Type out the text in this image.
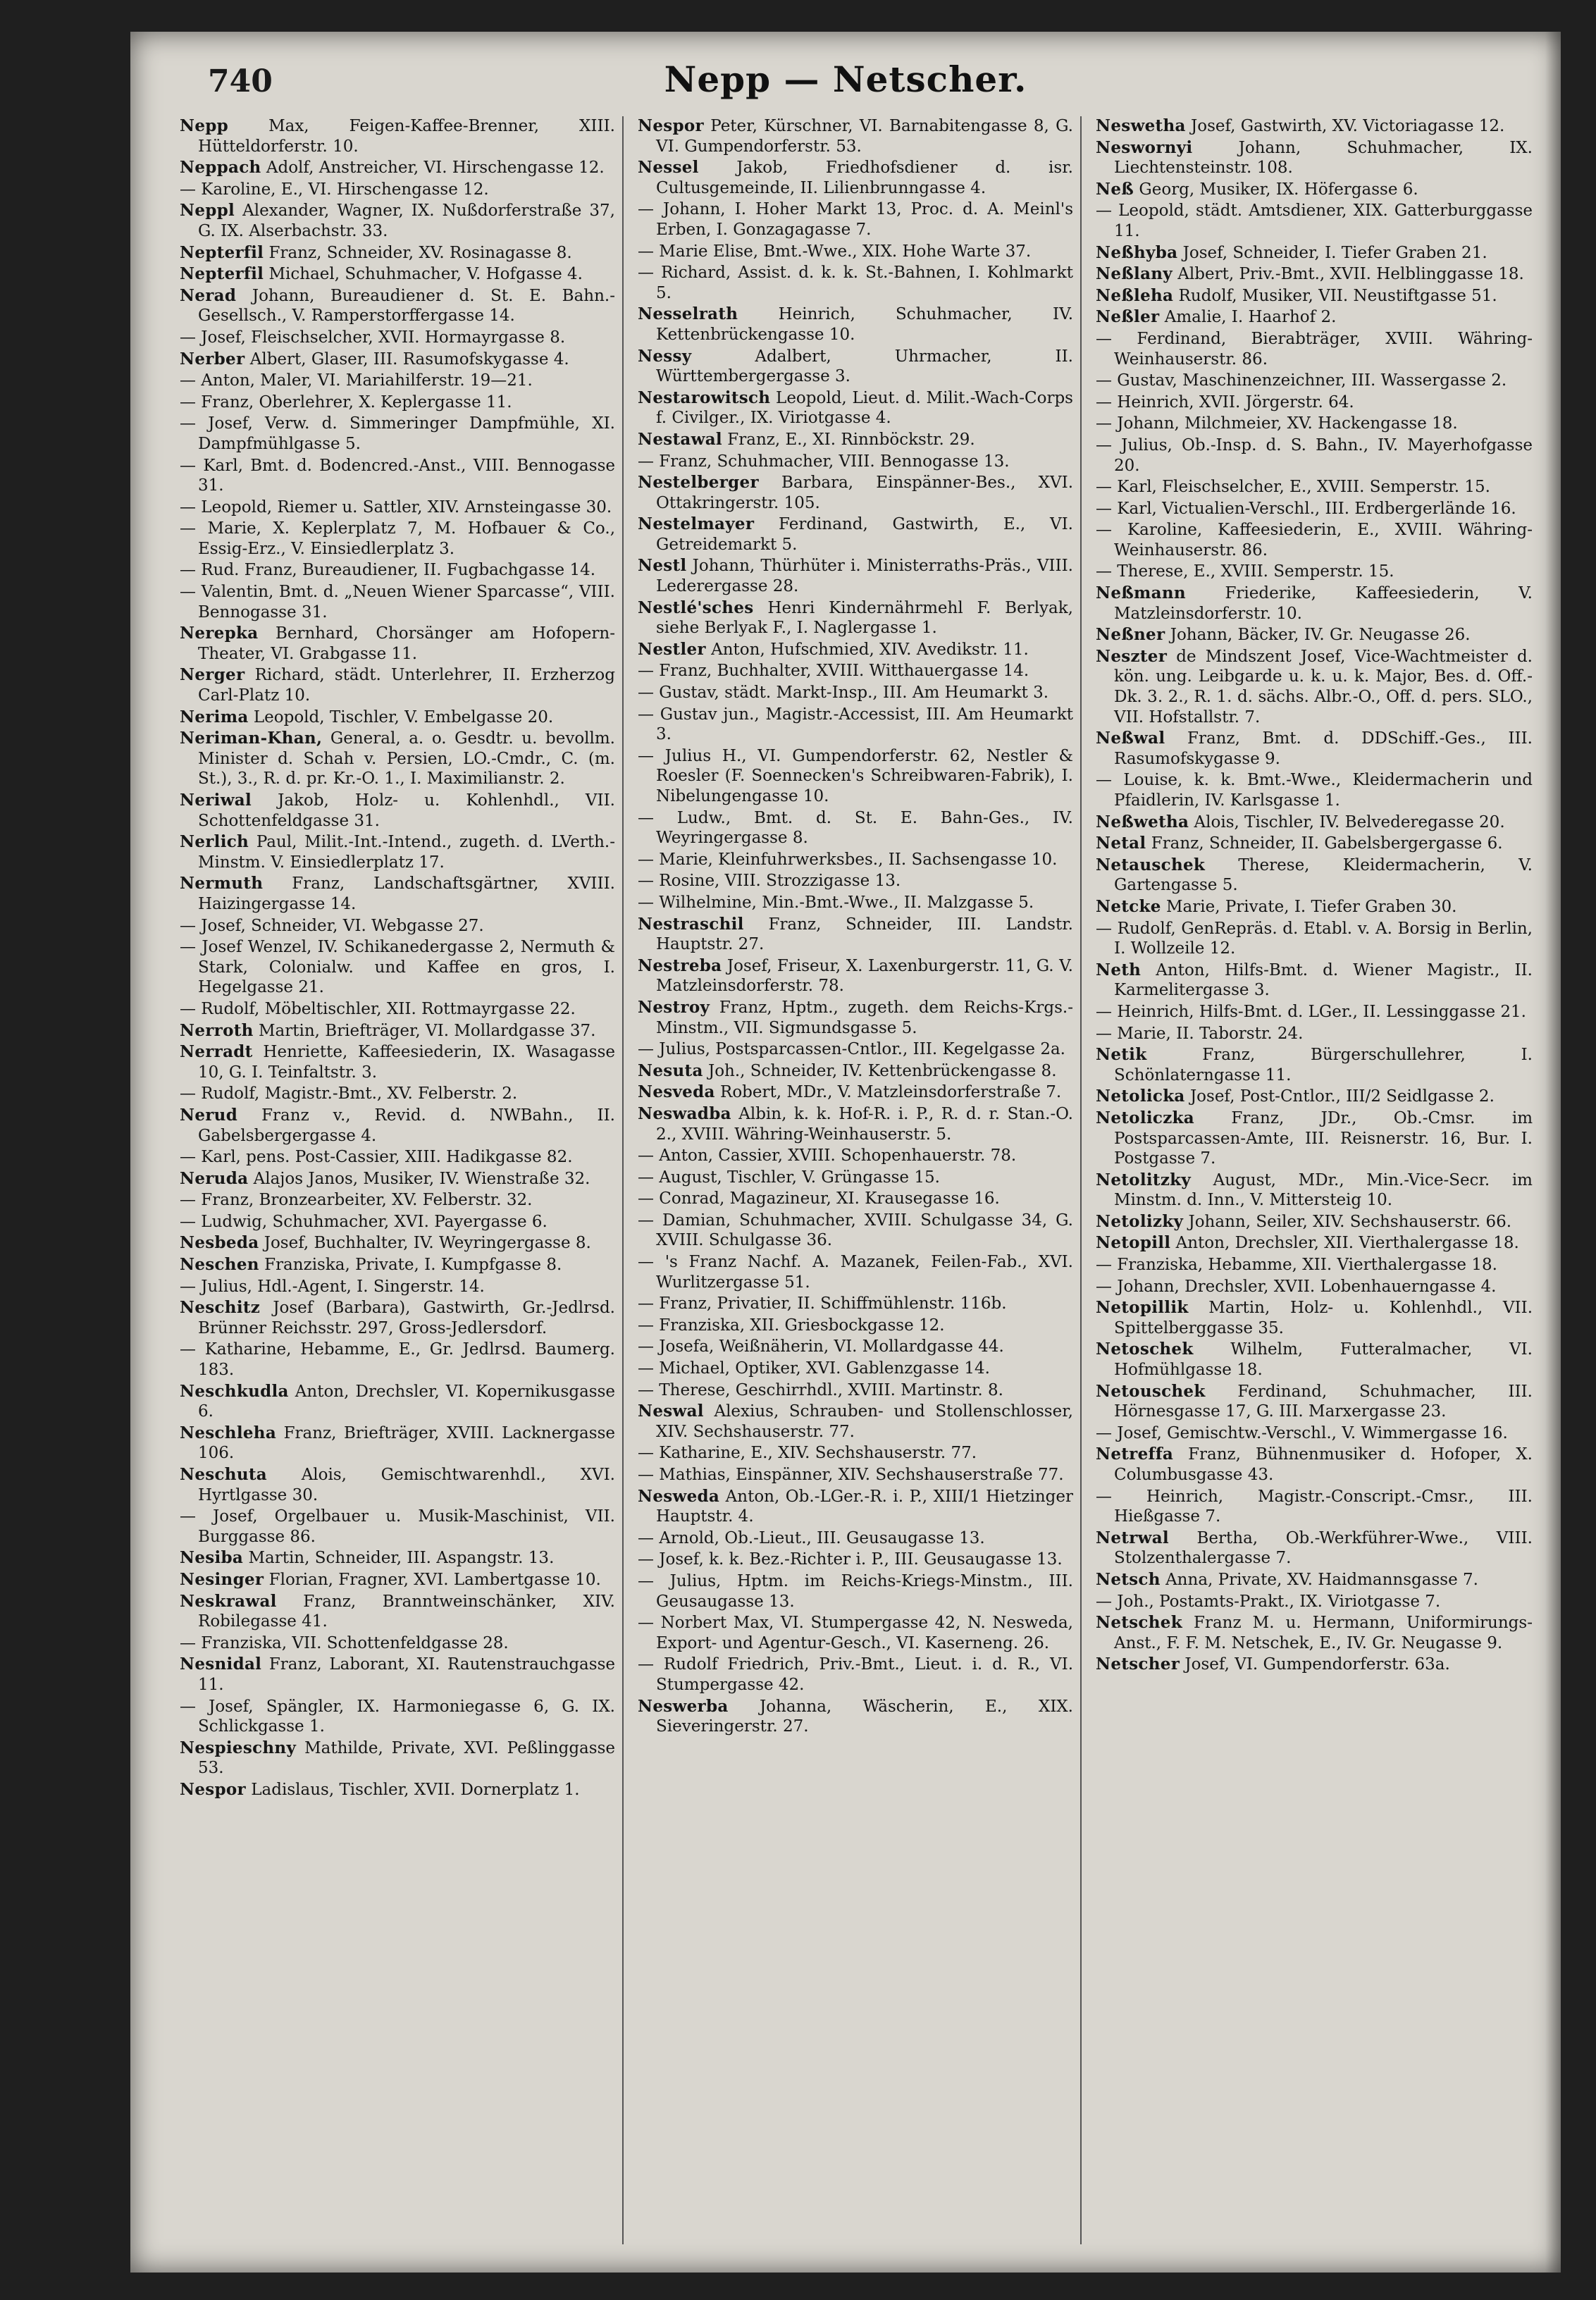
740	Nepp — Netscher.
Nepp Max, Feigen-Kaffee-Brenner, XIII. Hütteldorferstr. 10.
Neppach Adolf, Anstreicher, VI. Hirschengasse 12.
— Karoline, E., VI. Hirschengasse 12.
Neppl Alexander, Wagner, IX. Nußdorferstraße 37, G. IX. Alserbachstr. 33.
Nepterfil Franz, Schneider, XV. Rosinagasse 8.
Nepterfil Michael, Schuhmacher, V. Hofgasse 4.
Nerad Johann, Bureaudiener d. St. E. Bahn.-Gesellsch., V. Ramperstorffergasse 14.
— Josef, Fleischselcher, XVII. Hormayrgasse 8.
Nerber Albert, Glaser, III. Rasumofskygasse 4.
— Anton, Maler, VI. Mariahilferstr. 19—21.
— Franz, Oberlehrer, X. Keplergasse 11.
— Josef, Verw. d. Simmeringer Dampfmühle, XI. Dampfmühlgasse 5.
— Karl, Bmt. d. Bodencred.-Anst., VIII. Bennogasse 31.
— Leopold, Riemer u. Sattler, XIV. Arnsteingasse 30.
— Marie, X. Keplerplatz 7, M. Hofbauer & Co., Essig-Erz., V. Einsiedlerplatz 3.
— Rud. Franz, Bureaudiener, II. Fugbachgasse 14.
— Valentin, Bmt. d. „Neuen Wiener Sparcasse“, VIII. Bennogasse 31.
Nerepka Bernhard, Chorsänger am Hofopern-Theater, VI. Grabgasse 11.
Nerger Richard, städt. Unterlehrer, II. Erzherzog Carl-Platz 10.
Nerima Leopold, Tischler, V. Embelgasse 20.
Neriman-Khan, General, a. o. Gesdtr. u. bevollm. Minister d. Schah v. Persien, LO.-Cmdr., C. (m. St.), 3., R. d. pr. Kr.-O. 1., I. Maximilianstr. 2.
Neriwal Jakob, Holz- u. Kohlenhdl., VII. Schottenfeldgasse 31.
Nerlich Paul, Milit.-Int.-Intend., zugeth. d. LVerth.-Minstm. V. Einsiedlerplatz 17.
Nermuth Franz, Landschaftsgärtner, XVIII. Haizingergasse 14.
— Josef, Schneider, VI. Webgasse 27.
— Josef Wenzel, IV. Schikanedergasse 2, Nermuth & Stark, Colonialw. und Kaffee en gros, I. Hegelgasse 21.
— Rudolf, Möbeltischler, XII. Rottmayrgasse 22.
Nerroth Martin, Briefträger, VI. Mollardgasse 37.
Nerradt Henriette, Kaffeesiederin, IX. Wasagasse 10, G. I. Teinfaltstr. 3.
— Rudolf, Magistr.-Bmt., XV. Felberstr. 2.
Nerud Franz v., Revid. d. NWBahn., II. Gabelsbergergasse 4.
— Karl, pens. Post-Cassier, XIII. Hadikgasse 82.
Neruda Alajos Janos, Musiker, IV. Wienstraße 32.
— Franz, Bronzearbeiter, XV. Felberstr. 32.
— Ludwig, Schuhmacher, XVI. Payergasse 6.
Nesbeda Josef, Buchhalter, IV. Weyringergasse 8.
Neschen Franziska, Private, I. Kumpfgasse 8.
— Julius, Hdl.-Agent, I. Singerstr. 14.
Neschitz Josef (Barbara), Gastwirth, Gr.-Jedlrsd. Brünner Reichsstr. 297, Gross-Jedlersdorf.
— Katharine, Hebamme, E., Gr. Jedlrsd. Baumerg. 183.
Neschkudla Anton, Drechsler, VI. Kopernikusgasse 6.
Neschleha Franz, Briefträger, XVIII. Lacknergasse 106.
Neschuta Alois, Gemischtwarenhdl., XVI. Hyrtlgasse 30.
— Josef, Orgelbauer u. Musik-Maschinist, VII. Burggasse 86.
Nesiba Martin, Schneider, III. Aspangstr. 13.
Nesinger Florian, Fragner, XVI. Lambertgasse 10.
Neskrawal Franz, Branntweinschänker, XIV. Robilegasse 41.
— Franziska, VII. Schottenfeldgasse 28.
Nesnidal Franz, Laborant, XI. Rautenstrauchgasse 11.
— Josef, Spängler, IX. Harmoniegasse 6, G. IX. Schlickgasse 1.
Nespieschny Mathilde, Private, XVI. Peßlinggasse 53.
Nespor Ladislaus, Tischler, XVII. Dornerplatz 1.
Nespor Peter, Kürschner, VI. Barnabitengasse 8, G. VI. Gumpendorferstr. 53.
Nessel Jakob, Friedhofsdiener d. isr. Cultusgemeinde, II. Lilienbrunngasse 4.
— Johann, I. Hoher Markt 13, Proc. d. A. Meinl's Erben, I. Gonzagagasse 7.
— Marie Elise, Bmt.-Wwe., XIX. Hohe Warte 37.
— Richard, Assist. d. k. k. St.-Bahnen, I. Kohlmarkt 5.
Nesselrath Heinrich, Schuhmacher, IV. Kettenbrückengasse 10.
Nessy Adalbert, Uhrmacher, II. Württembergergasse 3.
Nestarowitsch Leopold, Lieut. d. Milit.-Wach-Corps f. Civilger., IX. Viriotgasse 4.
Nestawal Franz, E., XI. Rinnböckstr. 29.
— Franz, Schuhmacher, VIII. Bennogasse 13.
Nestelberger Barbara, Einspänner-Bes., XVI. Ottakringerstr. 105.
Nestelmayer Ferdinand, Gastwirth, E., VI. Getreidemarkt 5.
Nestl Johann, Thürhüter i. Ministerraths-Präs., VIII. Lederergasse 28.
Nestlé'sches Henri Kindernährmehl F. Berlyak, siehe Berlyak F., I. Naglergasse 1.
Nestler Anton, Hufschmied, XIV. Avedikstr. 11.
— Franz, Buchhalter, XVIII. Witthauergasse 14.
— Gustav, städt. Markt-Insp., III. Am Heumarkt 3.
— Gustav jun., Magistr.-Accessist, III. Am Heumarkt 3.
— Julius H., VI. Gumpendorferstr. 62, Nestler & Roesler (F. Soennecken's Schreibwaren-Fabrik), I. Nibelungengasse 10.
— Ludw., Bmt. d. St. E. Bahn-Ges., IV. Weyringergasse 8.
— Marie, Kleinfuhrwerksbes., II. Sachsengasse 10.
— Rosine, VIII. Strozzigasse 13.
— Wilhelmine, Min.-Bmt.-Wwe., II. Malzgasse 5.
Nestraschil Franz, Schneider, III. Landstr. Hauptstr. 27.
Nestreba Josef, Friseur, X. Laxenburgerstr. 11, G. V. Matzleinsdorferstr. 78.
Nestroy Franz, Hptm., zugeth. dem Reichs-Krgs.-Minstm., VII. Sigmundsgasse 5.
— Julius, Postsparcassen-Cntlor., III. Kegelgasse 2a.
Nesuta Joh., Schneider, IV. Kettenbrückengasse 8.
Nesveda Robert, MDr., V. Matzleinsdorferstraße 7.
Neswadba Albin, k. k. Hof-R. i. P., R. d. r. Stan.-O. 2., XVIII. Währing-Weinhauserstr. 5.
— Anton, Cassier, XVIII. Schopenhauerstr. 78.
— August, Tischler, V. Grüngasse 15.
— Conrad, Magazineur, XI. Krausegasse 16.
— Damian, Schuhmacher, XVIII. Schulgasse 34, G. XVIII. Schulgasse 36.
— 's Franz Nachf. A. Mazanek, Feilen-Fab., XVI. Wurlitzergasse 51.
— Franz, Privatier, II. Schiffmühlenstr. 116b.
— Franziska, XII. Griesbockgasse 12.
— Josefa, Weißnäherin, VI. Mollardgasse 44.
— Michael, Optiker, XVI. Gablenzgasse 14.
— Therese, Geschirrhdl., XVIII. Martinstr. 8.
Neswal Alexius, Schrauben- und Stollenschlosser, XIV. Sechshauserstr. 77.
— Katharine, E., XIV. Sechshauserstr. 77.
— Mathias, Einspänner, XIV. Sechshauserstraße 77.
Nesweda Anton, Ob.-LGer.-R. i. P., XIII/1 Hietzinger Hauptstr. 4.
— Arnold, Ob.-Lieut., III. Geusaugasse 13.
— Josef, k. k. Bez.-Richter i. P., III. Geusaugasse 13.
— Julius, Hptm. im Reichs-Kriegs-Minstm., III. Geusaugasse 13.
— Norbert Max, VI. Stumpergasse 42, N. Nesweda, Export- und Agentur-Gesch., VI. Kaserneng. 26.
— Rudolf Friedrich, Priv.-Bmt., Lieut. i. d. R., VI. Stumpergasse 42.
Neswerba Johanna, Wäscherin, E., XIX. Sieveringerstr. 27.
Neswetha Josef, Gastwirth, XV. Victoriagasse 12.
Neswornyi Johann, Schuhmacher, IX. Liechtensteinstr. 108.
Neß Georg, Musiker, IX. Höfergasse 6.
— Leopold, städt. Amtsdiener, XIX. Gatterburggasse 11.
Neßhyba Josef, Schneider, I. Tiefer Graben 21.
Neßlany Albert, Priv.-Bmt., XVII. Helblinggasse 18.
Neßleha Rudolf, Musiker, VII. Neustiftgasse 51.
Neßler Amalie, I. Haarhof 2.
— Ferdinand, Bierabträger, XVIII. Währing-Weinhauserstr. 86.
— Gustav, Maschinenzeichner, III. Wassergasse 2.
— Heinrich, XVII. Jörgerstr. 64.
— Johann, Milchmeier, XV. Hackengasse 18.
— Julius, Ob.-Insp. d. S. Bahn., IV. Mayerhofgasse 20.
— Karl, Fleischselcher, E., XVIII. Semperstr. 15.
— Karl, Victualien-Verschl., III. Erdbergerlände 16.
— Karoline, Kaffeesiederin, E., XVIII. Währing-Weinhauserstr. 86.
— Therese, E., XVIII. Semperstr. 15.
Neßmann Friederike, Kaffeesiederin, V. Matzleinsdorferstr. 10.
Neßner Johann, Bäcker, IV. Gr. Neugasse 26.
Neszter de Mindszent Josef, Vice-Wachtmeister d. kön. ung. Leibgarde u. k. u. k. Major, Bes. d. Off.-Dk. 3. 2., R. 1. d. sächs. Albr.-O., Off. d. pers. SLO., VII. Hofstallstr. 7.
Neßwal Franz, Bmt. d. DDSchiff.-Ges., III. Rasumofskygasse 9.
— Louise, k. k. Bmt.-Wwe., Kleidermacherin und Pfaidlerin, IV. Karlsgasse 1.
Neßwetha Alois, Tischler, IV. Belvederegasse 20.
Netal Franz, Schneider, II. Gabelsbergergasse 6.
Netauschek Therese, Kleidermacherin, V. Gartengasse 5.
Netcke Marie, Private, I. Tiefer Graben 30.
— Rudolf, GenRepräs. d. Etabl. v. A. Borsig in Berlin, I. Wollzeile 12.
Neth Anton, Hilfs-Bmt. d. Wiener Magistr., II. Karmelitergasse 3.
— Heinrich, Hilfs-Bmt. d. LGer., II. Lessinggasse 21.
— Marie, II. Taborstr. 24.
Netik Franz, Bürgerschullehrer, I. Schönlaterngasse 11.
Netolicka Josef, Post-Cntlor., III/2 Seidlgasse 2.
Netoliczka Franz, JDr., Ob.-Cmsr. im Postsparcassen-Amte, III. Reisnerstr. 16, Bur. I. Postgasse 7.
Netolitzky August, MDr., Min.-Vice-Secr. im Minstm. d. Inn., V. Mittersteig 10.
Netolizky Johann, Seiler, XIV. Sechshauserstr. 66.
Netopill Anton, Drechsler, XII. Vierthalergasse 18.
— Franziska, Hebamme, XII. Vierthalergasse 18.
— Johann, Drechsler, XVII. Lobenhauerngasse 4.
Netopillik Martin, Holz- u. Kohlenhdl., VII. Spittelberggasse 35.
Netoschek Wilhelm, Futteralmacher, VI. Hofmühlgasse 18.
Netouschek Ferdinand, Schuhmacher, III. Hörnesgasse 17, G. III. Marxergasse 23.
— Josef, Gemischtw.-Verschl., V. Wimmergasse 16.
Netreffa Franz, Bühnenmusiker d. Hofoper, X. Columbusgasse 43.
— Heinrich, Magistr.-Conscript.-Cmsr., III. Hießgasse 7.
Netrwal Bertha, Ob.-Werkführer-Wwe., VIII. Stolzenthalergasse 7.
Netsch Anna, Private, XV. Haidmannsgasse 7.
— Joh., Postamts-Prakt., IX. Viriotgasse 7.
Netschek Franz M. u. Hermann, Uniformirungs-Anst., F. F. M. Netschek, E., IV. Gr. Neugasse 9.
Netscher Josef, VI. Gumpendorferstr. 63a.
